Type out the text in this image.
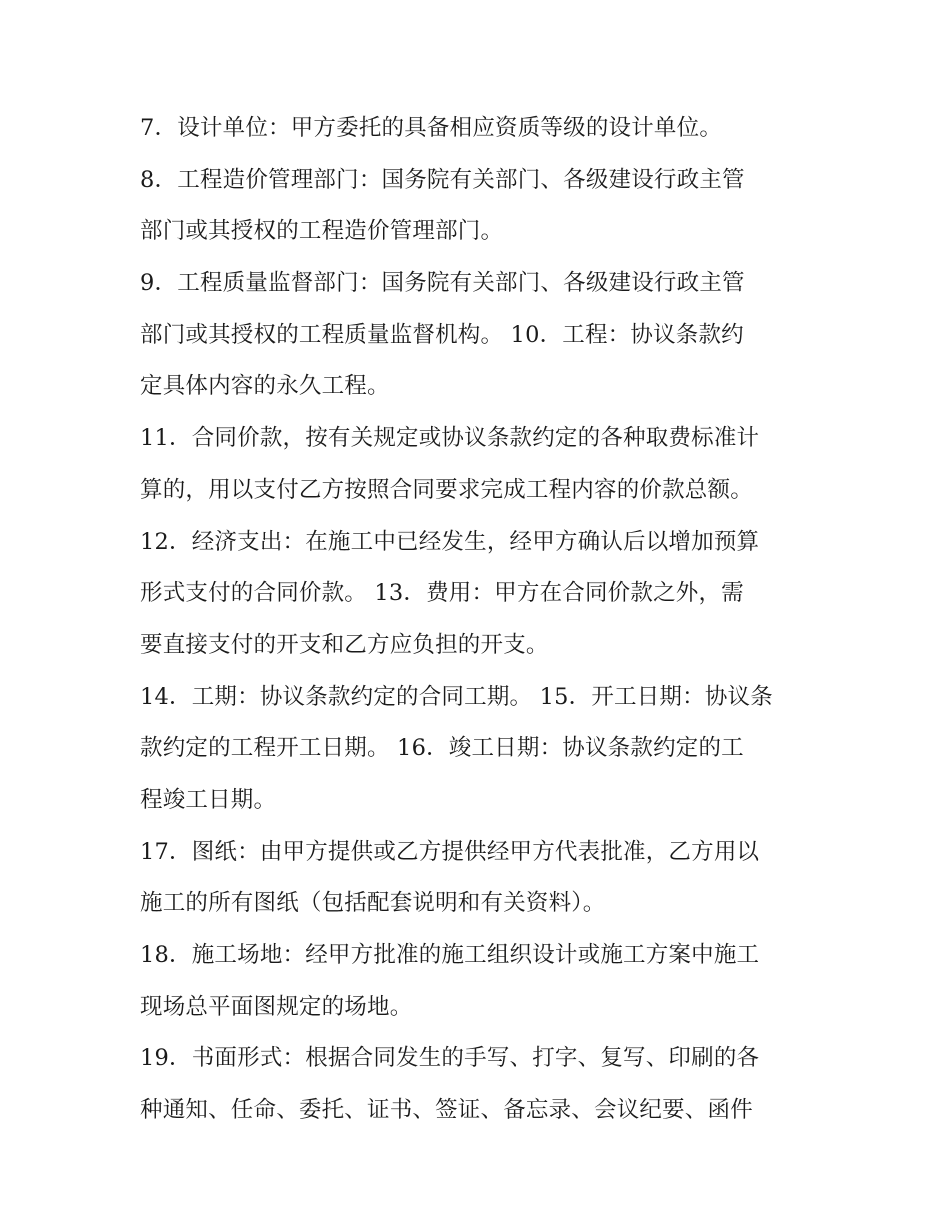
7．设计单位：甲方委托的具备相应资质等级的设计单位。
8．工程造价管理部门：国务院有关部门、各级建设行政主管
部门或其授权的工程造价管理部门。
9．工程质量监督部门：国务院有关部门、各级建设行政主管
部门或其授权的工程质量监督机构。 10．工程：协议条款约
定具体内容的永久工程。
11．合同价款，按有关规定或协议条款约定的各种取费标准计
算的，用以支付乙方按照合同要求完成工程内容的价款总额。
12．经济支出：在施工中已经发生，经甲方确认后以增加预算
形式支付的合同价款。 13．费用：甲方在合同价款之外，需
要直接支付的开支和乙方应负担的开支。
14．工期：协议条款约定的合同工期。 15．开工日期：协议条
款约定的工程开工日期。 16．竣工日期：协议条款约定的工
程竣工日期。
17．图纸：由甲方提供或乙方提供经甲方代表批准，乙方用以
施工的所有图纸（包括配套说明和有关资料）。
18．施工场地：经甲方批准的施工组织设计或施工方案中施工
现场总平面图规定的场地。
19．书面形式：根据合同发生的手写、打字、复写、印刷的各
种通知、任命、委托、证书、签证、备忘录、会议纪要、函件
